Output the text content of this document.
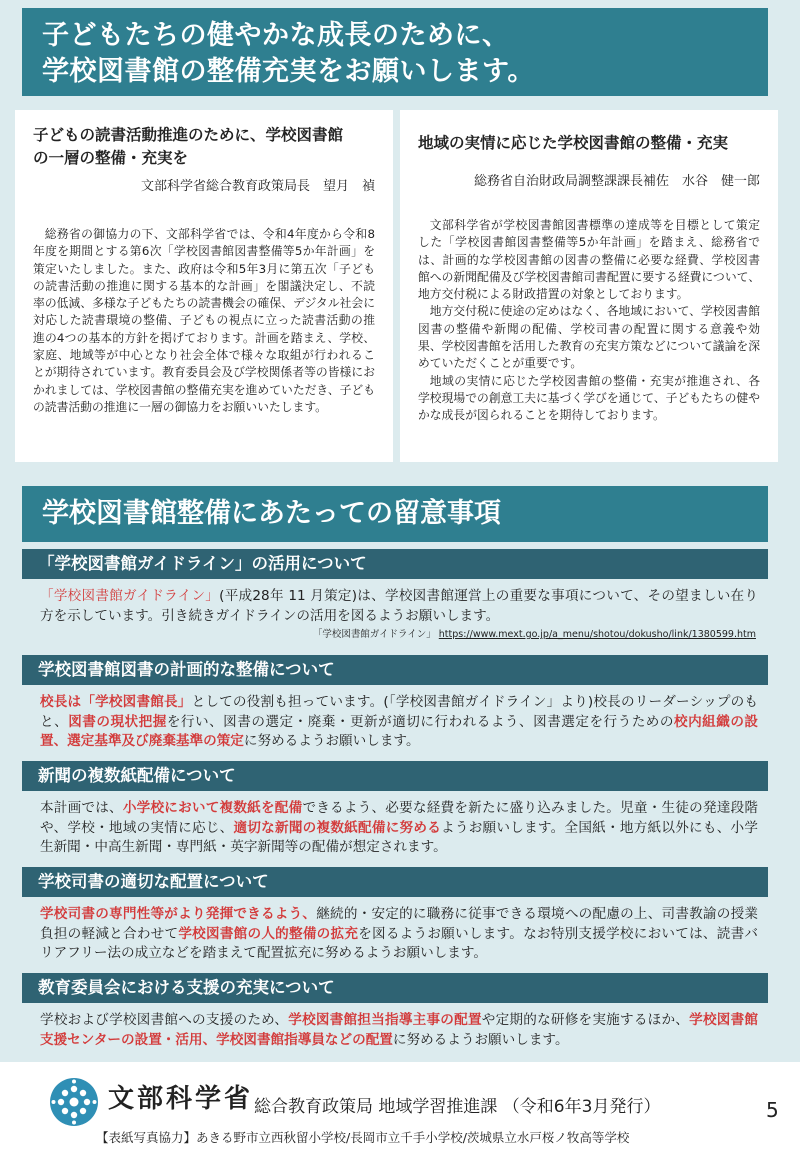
子どもたちの健やかな成長のために、
学校図書館の整備充実をお願いします。
子どもの読書活動推進のために、学校図書館
の一層の整備・充実を
文部科学省総合教育政策局長　望月　禎

総務省の御協力の下、文部科学省では、令和4年度から令和8年度を期間とする第6次「学校図書館図書整備等5か年計画」を策定いたしました。また、政府は令和5年3月に第五次「子どもの読書活動の推進に関する基本的な計画」を閣議決定し、不読率の低減、多様な子どもたちの読書機会の確保、デジタル社会に対応した読書環境の整備、子どもの視点に立った読書活動の推進の4つの基本的方針を掲げております。計画を踏まえ、学校、家庭、地域等が中心となり社会全体で様々な取組が行われることが期待されています。教育委員会及び学校関係者等の皆様におかれましては、学校図書館の整備充実を進めていただき、子どもの読書活動の推進に一層の御協力をお願いいたします。

地域の実情に応じた学校図書館の整備・充実
総務省自治財政局調整課課長補佐　水谷　健一郎

文部科学省が学校図書館図書標準の達成等を目標として策定した「学校図書館図書整備等5か年計画」を踏まえ、総務省では、計画的な学校図書館の図書の整備に必要な経費、学校図書館への新聞配備及び学校図書館司書配置に要する経費について、地方交付税による財政措置の対象としております。

地方交付税に使途の定めはなく、各地域において、学校図書館図書の整備や新聞の配備、学校司書の配置に関する意義や効果、学校図書館を活用した教育の充実方策などについて議論を深めていただくことが重要です。

地域の実情に応じた学校図書館の整備・充実が推進され、各学校現場での創意工夫に基づく学びを通じて、子どもたちの健やかな成長が図られることを期待しております。

学校図書館整備にあたっての留意事項
「学校図書館ガイドライン」の活用について
「学校図書館ガイドライン」(平成28年 11 月策定)は、学校図書館運営上の重要な事項について、その望ましい在り方を示しています。引き続きガイドラインの活用を図るようお願いします。
「学校図書館ガイドライン」 https://www.mext.go.jp/a_menu/shotou/dokusho/link/1380599.htm
学校図書館図書の計画的な整備について
校長は「学校図書館長」としての役割も担っています。(「学校図書館ガイドライン」より)校長のリーダーシップのもと、図書の現状把握を行い、図書の選定・廃棄・更新が適切に行われるよう、図書選定を行うための校内組織の設置、選定基準及び廃棄基準の策定に努めるようお願いします。
新聞の複数紙配備について
本計画では、小学校において複数紙を配備できるよう、必要な経費を新たに盛り込みました。児童・生徒の発達段階や、学校・地域の実情に応じ、適切な新聞の複数紙配備に努めるようお願いします。全国紙・地方紙以外にも、小学生新聞・中高生新聞・専門紙・英字新聞等の配備が想定されます。
学校司書の適切な配置について
学校司書の専門性等がより発揮できるよう、継続的・安定的に職務に従事できる環境への配慮の上、司書教諭の授業負担の軽減と合わせて学校図書館の人的整備の拡充を図るようお願いします。なお特別支援学校においては、読書バリアフリー法の成立などを踏まえて配置拡充に努めるようお願いします。
教育委員会における支援の充実について
学校および学校図書館への支援のため、学校図書館担当指導主事の配置や定期的な研修を実施するほか、学校図書館支援センターの設置・活用、学校図書館指導員などの配置に努めるようお願いします。
文部科学省 総合教育政策局 地域学習推進課 （令和6年3月発行）	5
【表紙写真協力】あきる野市立西秋留小学校/長岡市立千手小学校/茨城県立水戸桜ノ牧高等学校
